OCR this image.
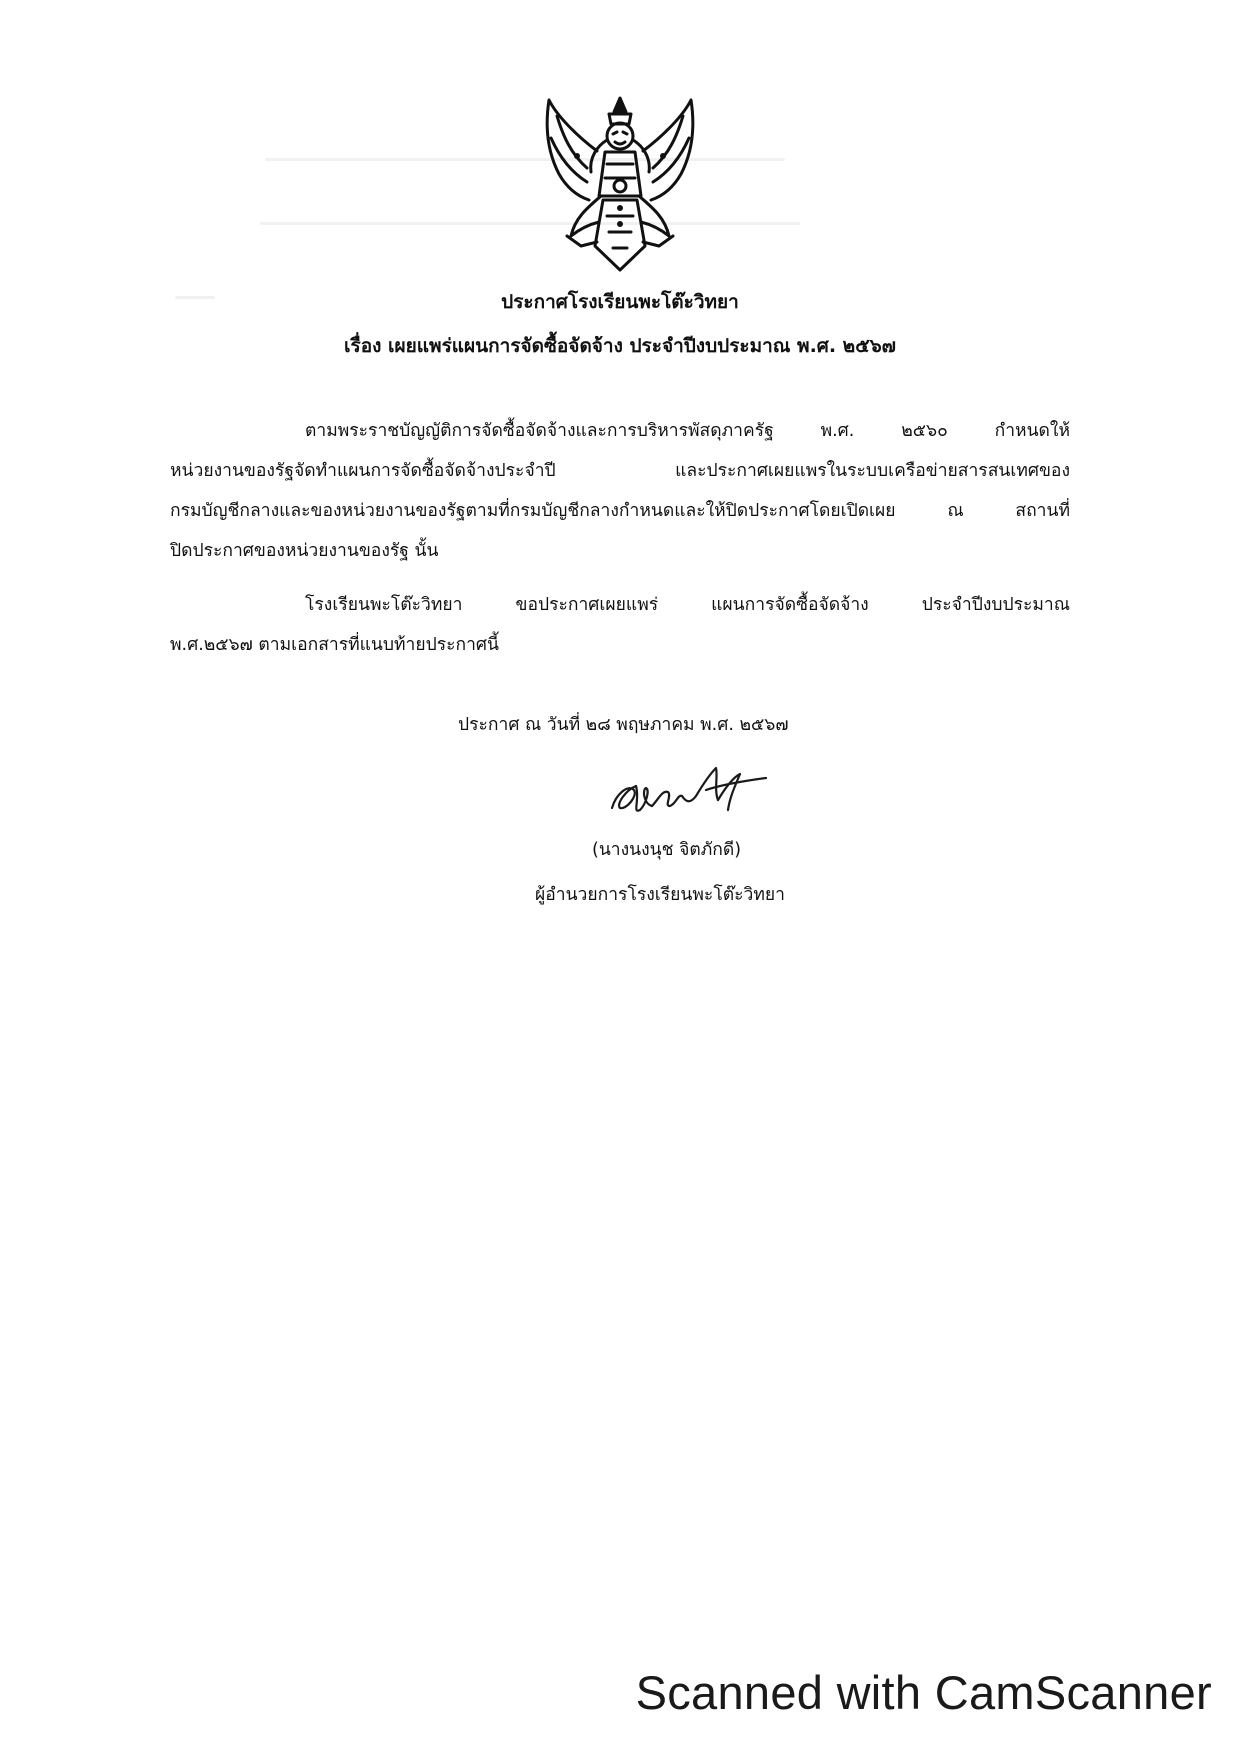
ประกาศโรงเรียนพะโต๊ะวิทยา
เรื่อง เผยแพร่แผนการจัดซื้อจัดจ้าง ประจำปีงบประมาณ พ.ศ. ๒๕๖๗
ตามพระราชบัญญัติการจัดซื้อจัดจ้างและการบริหารพัสดุภาครัฐ พ.ศ. ๒๕๖๐ กำหนดให้
หน่วยงานของรัฐจัดทำแผนการจัดซื้อจัดจ้างประจำปี และประกาศเผยแพรในระบบเครือข่ายสารสนเทศของ
กรมบัญชีกลางและของหน่วยงานของรัฐตามที่กรมบัญชีกลางกำหนดและให้ปิดประกาศโดยเปิดเผย ณ สถานที่
ปิดประกาศของหน่วยงานของรัฐ นั้น
โรงเรียนพะโต๊ะวิทยา ขอประกาศเผยแพร่ แผนการจัดซื้อจัดจ้าง ประจำปีงบประมาณ
พ.ศ.๒๕๖๗ ตามเอกสารที่แนบท้ายประกาศนี้
ประกาศ ณ วันที่ ๒๘ พฤษภาคม พ.ศ. ๒๕๖๗
(นางนงนุช จิตภักดี)
ผู้อำนวยการโรงเรียนพะโต๊ะวิทยา
Scanned with CamScanner
